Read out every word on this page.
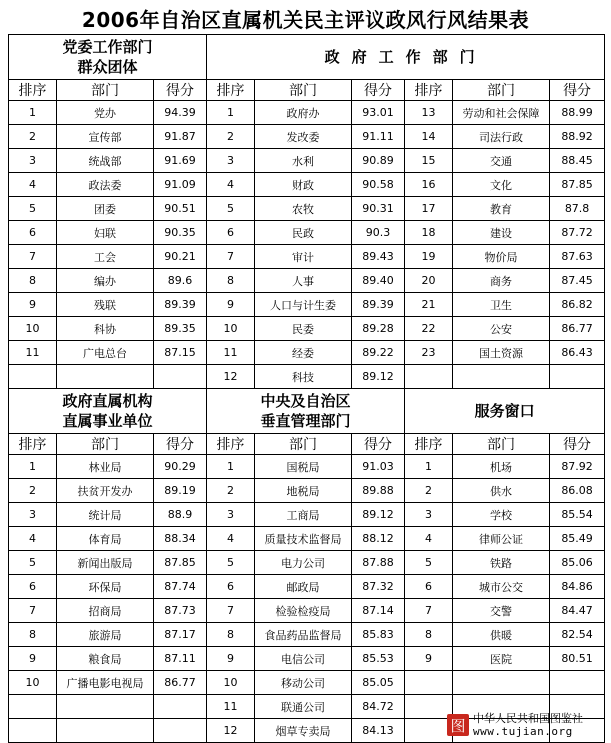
2006年自治区直属机关民主评议政风行风结果表
党委工作部门
群众团体			政府工作部门					
排序	部门	得分	排序	部门	得分	排序	部门	得分
1	党办	94.39	1	政府办	93.01	13	劳动和社会保障	88.99
2	宣传部	91.87	2	发改委	91.11	14	司法行政	88.92
3	统战部	91.69	3	水利	90.89	15	交通	88.45
4	政法委	91.09	4	财政	90.58	16	文化	87.85
5	团委	90.51	5	农牧	90.31	17	教育	87.8
6	妇联	90.35	6	民政	90.3	18	建设	87.72
7	工会	90.21	7	审计	89.43	19	物价局	87.63
8	编办	89.6	8	人事	89.40	20	商务	87.45
9	残联	89.39	9	人口与计生委	89.39	21	卫生	86.82
10	科协	89.35	10	民委	89.28	22	公安	86.77
11	广电总台	87.15	11	经委	89.22	23	国土资源	86.43
			12	科技	89.12			
政府直属机构
直属事业单位			中央及自治区
垂直管理部门			服务窗口		
排序	部门	得分	排序	部门	得分	排序	部门	得分
1	林业局	90.29	1	国税局	91.03	1	机场	87.92
2	扶贫开发办	89.19	2	地税局	89.88	2	供水	86.08
3	统计局	88.9	3	工商局	89.12	3	学校	85.54
4	体育局	88.34	4	质量技术监督局	88.12	4	律师公证	85.49
5	新闻出版局	87.85	5	电力公司	87.88	5	铁路	85.06
6	环保局	87.74	6	邮政局	87.32	6	城市公交	84.86
7	招商局	87.73	7	检验检疫局	87.14	7	交警	84.47
8	旅游局	87.17	8	食品药品监督局	85.83	8	供暖	82.54
9	粮食局	87.11	9	电信公司	85.53	9	医院	80.51
10	广播电影电视局	86.77	10	移动公司	85.05			
			11	联通公司	84.72			
			12	烟草专卖局	84.13				图 中华人民共和国图鉴社
www.tujian.org
